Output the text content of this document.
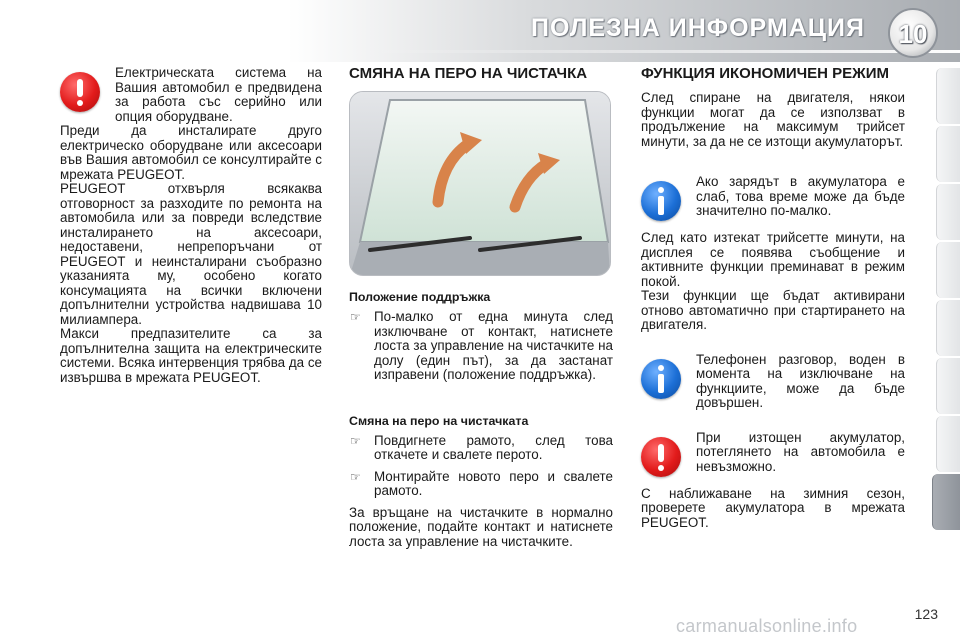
ПОЛЕЗНА ИНФОРМАЦИЯ	10

Електрическата система на Вашия автомобил е предвидена за работа със серийно или опция оборудване.

Преди да инсталирате друго електрическо оборудване или аксесоари във Вашия автомобил се консултирайте с мрежата PEUGEOT.

PEUGEOT отхвърля всякаква отговорност за разходите по ремонта на автомобила или за повреди вследствие инсталирането на аксесоари, недоставени, непрепоръчани от PEUGEOT и неинсталирани съобразно указанията му, особено когато консумацията на всички включени допълнителни устройства надвишава 10 милиампера.

Макси предпазителите са за допълнителна защита на електрическите системи. Всяка интервенция трябва да се извършва в мрежата PEUGEOT.

СМЯНА НА ПЕРО НА ЧИСТАЧКА
Положение поддръжка
☞ По-малко от една минута след изключване от контакт, натиснете лоста за управление на чистачките на долу (един път), за да застанат изправени (положение поддръжка).
Смяна на перо на чистачката
☞ Повдигнете рамото, след това откачете и свалете перото.
☞ Монтирайте новото перо и свалете рамото.

За връщане на чистачките в нормално положение, подайте контакт и натиснете лоста за управление на чистачките.

ФУНКЦИЯ ИКОНОМИЧЕН РЕЖИМ

След спиране на двигателя, някои функции могат да се използват в продължение на максимум трийсет минути, за да не се изтощи акумулаторът.

Ако зарядът в акумулатора е слаб, това време може да бъде значително по-малко.

След като изтекат трийсетте минути, на дисплея се появява съобщение и активните функции преминават в режим покой.

Тези функции ще бъдат активирани отново автоматично при стартирането на двигателя.

Телефонен разговор, воден в момента на изключване на функциите, може да бъде довършен.

При изтощен акумулатор, потеглянето на автомобила е невъзможно.

С наближаване на зимния сезон, проверете акумулатора в мрежата PEUGEOT.

123
carmanualsonline.info
